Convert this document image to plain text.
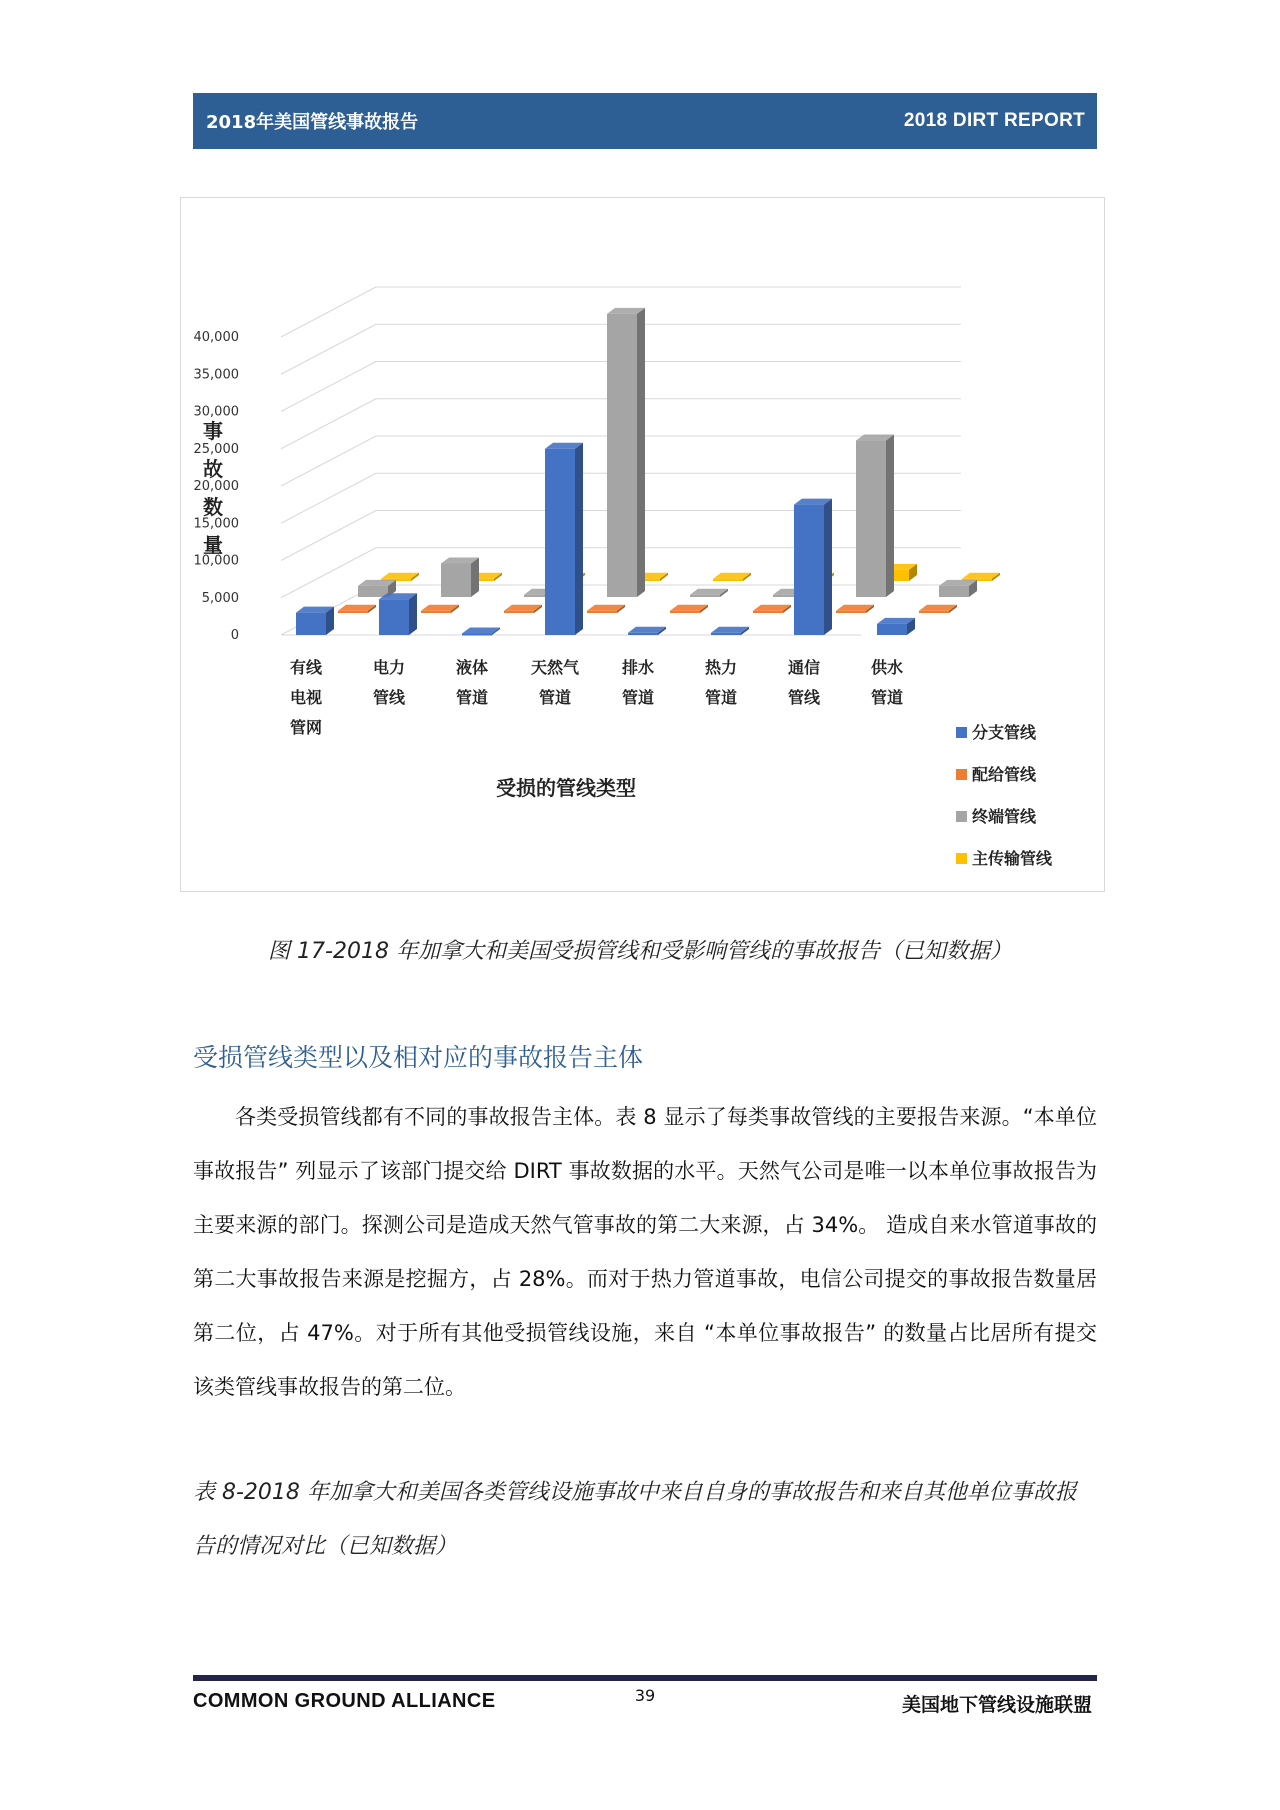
2018年美国管线事故报告	2018 DIRT REPORT
0
5,000
10,000
15,000
20,000
25,000
30,000
35,000
40,000
事
故
数
量
有线
电视
管网
电力
管线
液体
管道
天然气
管道
排水
管道
热力
管道
通信
管线
供水
管道
受损的管线类型
分支管线
配给管线
终端管线
主传输管线
图 17-2018 年加拿大和美国受损管线和受影响管线的事故报告（已知数据）
受损管线类型以及相对应的事故报告主体

各类受损管线都有不同的事故报告主体。表 8 显示了每类事故管线的主要报告来源。“本单位事故报告” 列显示了该部门提交给 DIRT 事故数据的水平。天然气公司是唯一以本单位事故报告为主要来源的部门。探测公司是造成天然气管事故的第二大来源，占 34%。 造成自来水管道事故的第二大事故报告来源是挖掘方，占 28%。而对于热力管道事故，电信公司提交的事故报告数量居第二位，占 47%。对于所有其他受损管线设施，来自 “本单位事故报告” 的数量占比居所有提交该类管线事故报告的第二位。

表 8-2018 年加拿大和美国各类管线设施事故中来自自身的事故报告和来自其他单位事故报告的情况对比（已知数据）
COMMON GROUND ALLIANCE	39	美国地下管线设施联盟
